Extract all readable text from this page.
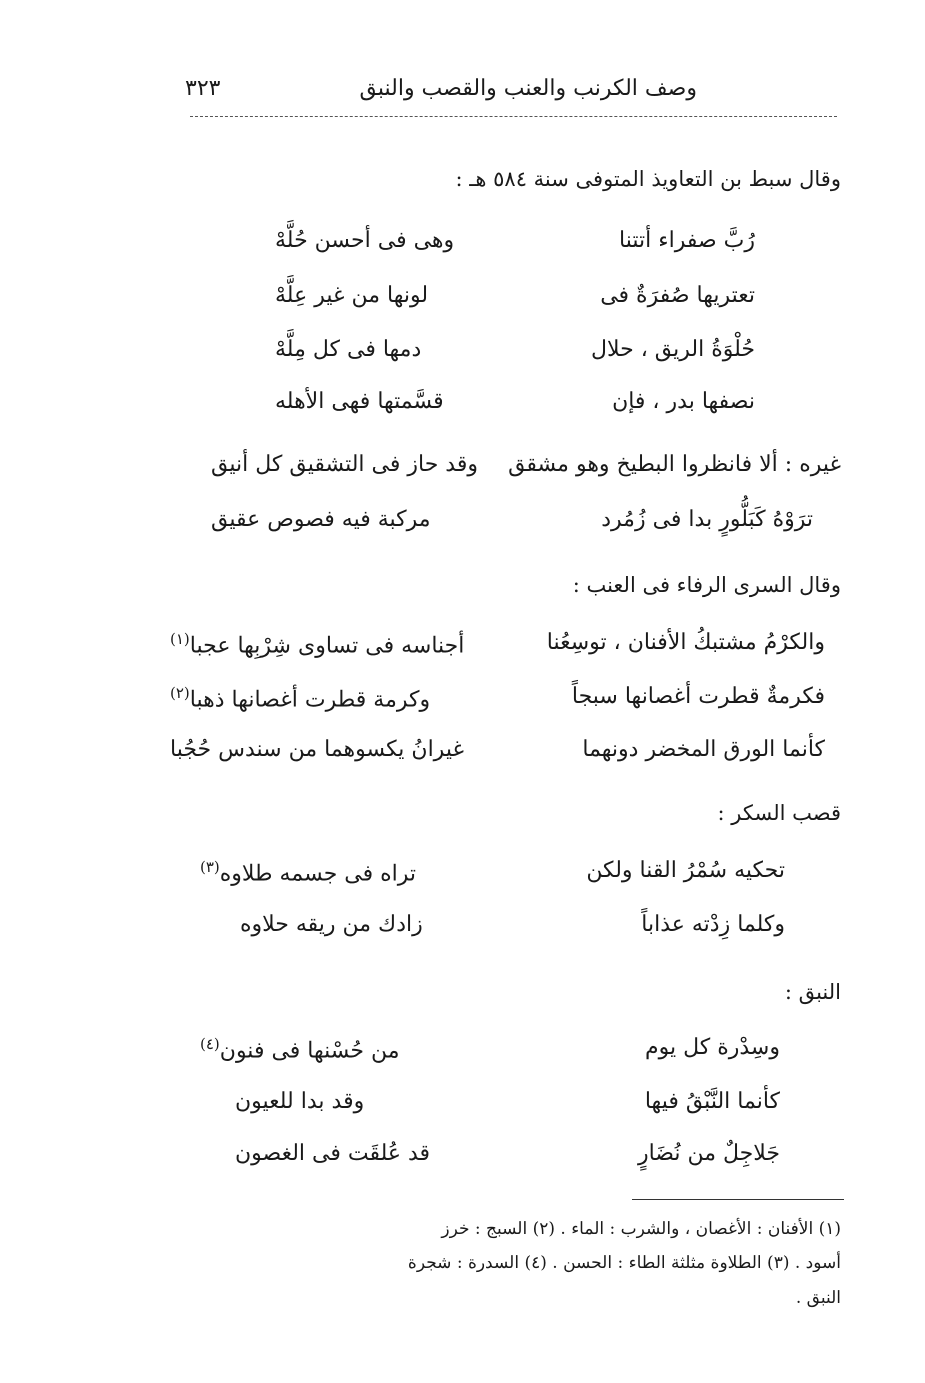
وصف الكرنب والعنب والقصب والنبق
٣٢٣
وقال سبط بن التعاويذ المتوفى سنة ٥٨٤ هـ :
رُبَّ صفراء أتتنا
وهى فى أحسن حُلَّهْ
تعتريها صُفرَةٌ فى
لونها من غير عِلَّهْ
حُلْوَةُ الريق ، حلال
دمها فى كل مِلَّهْ
نصفها بدر ، فإن
قسَّمتها فهى الأهله
غيره : ألا فانظروا البطيخ وهو مشقق
وقد حاز فى التشقيق كل أنيق
ترَوْهُ كَبَلُّورٍ بدا فى زُمُرد
مركبة فيه فصوص عقيق
وقال السرى الرفاء فى العنب :
والكرْمُ مشتبكُ الأفنان ، توسِعُنا
أجناسه فى تساوى شِرْبِها عجبا$^{(١)}$
فكرمةٌ قطرت أغصانها سبجاً
وكرمة قطرت أغصانها ذهبا$^{(٢)}$
كأنما الورق المخضر دونهما
غيرانُ يكسوهما من سندس حُجُبا
قصب السكر :
تحكيه سُمْرُ القنا ولكن
تراه فى جسمه طلاوه$^{(٣)}$
وكلما زِدْته عذاباً
زادك من ريقه حلاوه
النبق :
وسِدْرة كل يوم
من حُسْنها فى فنون$^{(٤)}$
كأنما النَّبْقُ فيها
وقد بدا للعيون
جَلاجِلٌ من نُضَارٍ
قد عُلقَت فى الغصون
(١) الأفنان : الأغصان ، والشرب : الماء . (٢) السبج : خرز
أسود . (٣) الطلاوة مثلثة الطاء : الحسن . (٤) السدرة : شجرة
النبق .
